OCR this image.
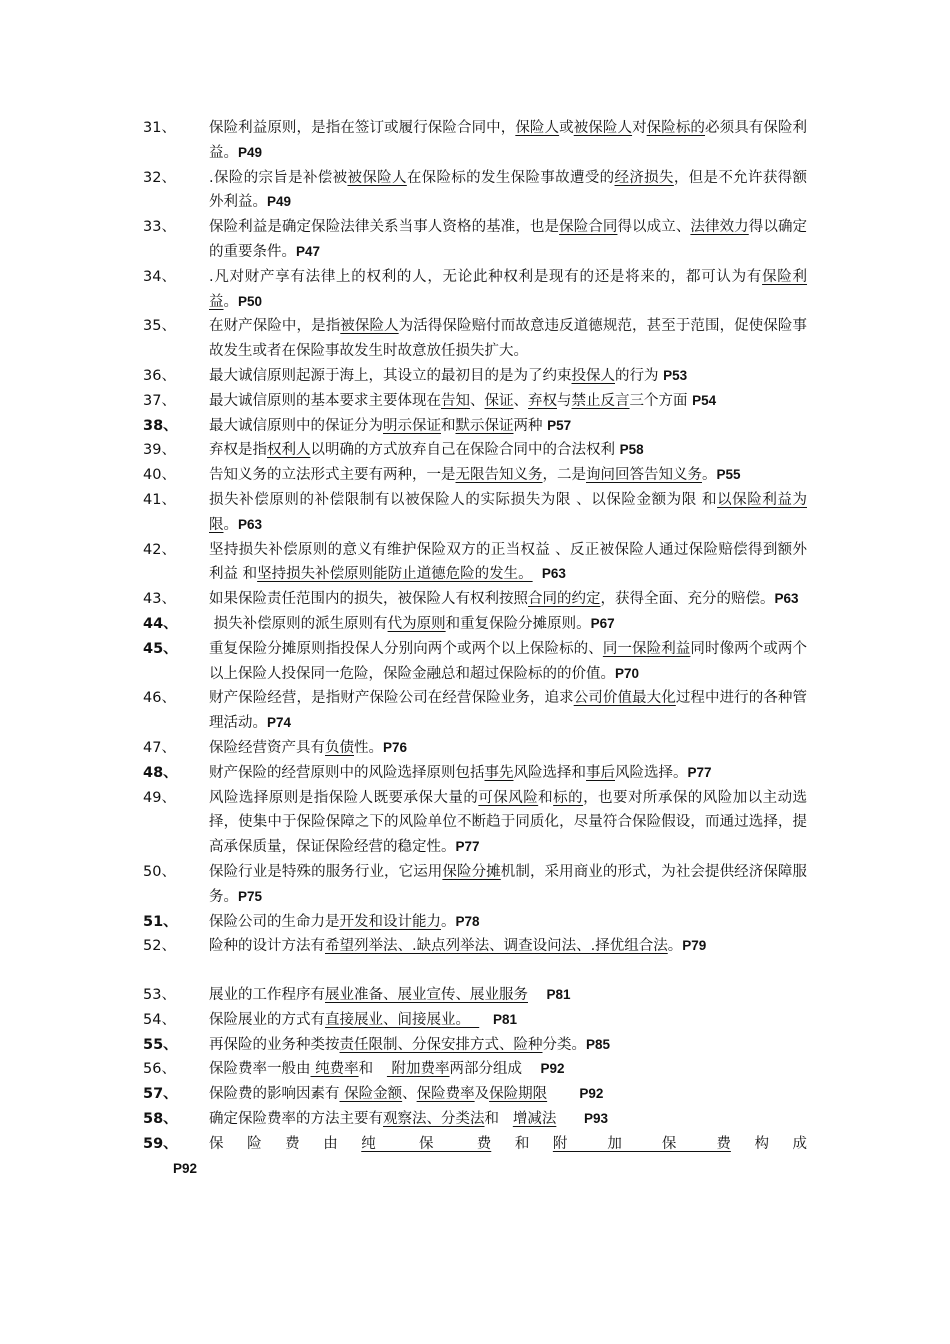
31、	保险利益原则，是指在签订或履行保险合同中，保险人或被保险人对保险标的必须具有保险利益。P49
32、	.保险的宗旨是补偿被被保险人在保险标的发生保险事故遭受的经济损失，但是不允许获得额外利益。P49
33、	保险利益是确定保险法律关系当事人资格的基准，也是保险合同得以成立、法律效力得以确定的重要条件。P47
34、	.凡对财产享有法律上的权利的人，无论此种权利是现有的还是将来的，都可认为有保险利益。P50
35、	在财产保险中，是指被保险人为活得保险赔付而故意违反道德规范，甚至于范围，促使保险事故发生或者在保险事故发生时故意放任损失扩大。
36、	最大诚信原则起源于海上，其设立的最初目的是为了约束投保人的行为 P53
37、	最大诚信原则的基本要求主要体现在告知、保证、弃权与禁止反言三个方面 P54
38、	最大诚信原则中的保证分为明示保证和默示保证两种 P57
39、	弃权是指权利人以明确的方式放弃自己在保险合同中的合法权利 P58
40、	告知义务的立法形式主要有两种，一是无限告知义务，二是询问回答告知义务。P55
41、	损失补偿原则的补偿限制有以被保险人的实际损失为限 、以保险金额为限 和以保险利益为限。P63
42、	坚持损失补偿原则的意义有维护保险双方的正当权益 、反正被保险人通过保险赔偿得到额外利益 和坚持损失补偿原则能防止道德危险的发生。 P63
43、	如果保险责任范围内的损失，被保险人有权利按照合同的约定，获得全面、充分的赔偿。P63
44、	损失补偿原则的派生原则有代为原则和重复保险分摊原则。P67
45、	重复保险分摊原则指投保人分别向两个或两个以上保险标的、同一保险利益同时像两个或两个以上保险人投保同一危险，保险金融总和超过保险标的的价值。P70
46、	财产保险经营，是指财产保险公司在经营保险业务，追求公司价值最大化过程中进行的各种管理活动。P74
47、	保险经营资产具有负债性。P76
48、	财产保险的经营原则中的风险选择原则包括事先风险选择和事后风险选择。P77
49、	风险选择原则是指保险人既要承保大量的可保风险和标的，也要对所承保的风险加以主动选择，使集中于保险保障之下的风险单位不断趋于同质化，尽量符合保险假设，而通过选择，提高承保质量，保证保险经营的稳定性。P77
50、	保险行业是特殊的服务行业，它运用保险分摊机制，采用商业的形式，为社会提供经济保障服务。P75
51、	保险公司的生命力是开发和设计能力。P78
52、	险种的设计方法有希望列举法、.缺点列举法、调查设问法、.择优组合法。P79
53、	展业的工作程序有展业准备、展业宣传、展业服务 P81
54、	保险展业的方式有直接展业、间接展业。     P81
55、	再保险的业务种类按责任限制、分保安排方式、险种分类。P85
56、	保险费率一般由 纯费率和    附加费率两部分组成    P92
57、	保险费的影响因素有 保险金额、保险费率及保险期限 P92
58、	确定保险费率的方法主要有观察法、分类法和   增减法 P93
59、	保 险 费 由 纯保费 和 附加保费 构 成
P92
